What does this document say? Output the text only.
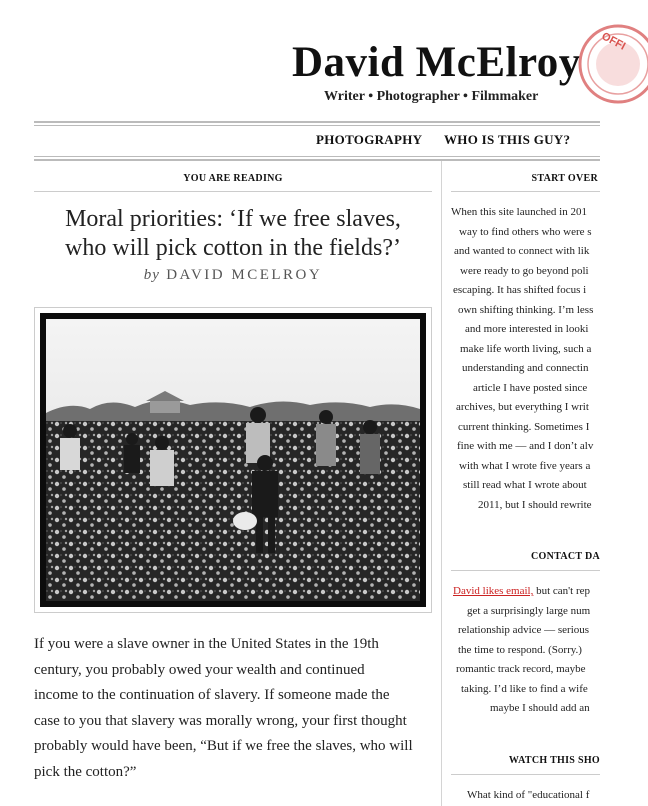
David McElroy
Writer • Photographer • Filmmaker
OFFI
PHOTOGRAPHY WHO IS THIS GUY?
YOU ARE READING
Moral priorities: ‘If we free slaves,
who will pick cotton in the fields?’
by DAVID MCELROY
If you were a slave owner in the United States in the 19th
century, you probably owed your wealth and continued
income to the continuation of slavery. If someone made the
case to you that slavery was morally wrong, your first thought
probably would have been, “But if we free the slaves, who will
pick the cotton?”
START OVER
When this site launched in 201
way to find others who were s
and wanted to connect with lik
were ready to go beyond poli
escaping. It has shifted focus i
own shifting thinking. I’m less
and more interested in looki
make life worth living, such a
understanding and connectin
article I have posted since
archives, but everything I writ
current thinking. Sometimes I
fine with me — and I don’t alv
with what I wrote five years a
still read what I wrote about
2011, but I should rewrite
CONTACT DA
David likes email, but can't rep
get a surprisingly large num
relationship advice — serious
the time to respond. (Sorry.)
romantic track record, maybe
taking. I’d like to find a wife
maybe I should add an
WATCH THIS SHO
What kind of "educational f
